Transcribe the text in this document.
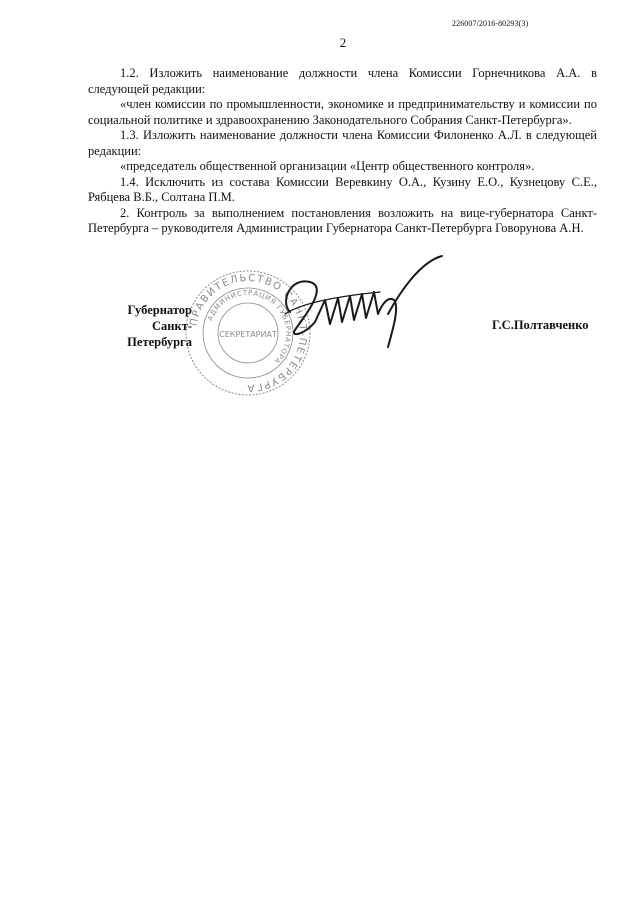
226007/2016-80293(3)
2

1.2. Изложить наименование должности члена Комиссии Горнечникова А.А. в следующей редакции:

«член комиссии по промышленности, экономике и предпринимательству и комиссии по социальной политике и здравоохранению Законодательного Собрания Санкт-Петербурга».

1.3. Изложить наименование должности члена Комиссии Филоненко А.Л. в следующей редакции:

«председатель общественной организации «Центр общественного контроля».

1.4. Исключить из состава Комиссии Веревкину О.А., Кузину Е.О., Кузнецову С.Е., Рябцева В.Б., Солтана П.М.

2. Контроль за выполнением постановления возложить на вице-губернатора Санкт-Петербурга – руководителя Администрации Губернатора Санкт-Петербурга Говорунова А.Н.

ПРАВИТЕЛЬСТВО САНКТ-ПЕТЕРБУРГА
АДМИНИСТРАЦИЯ ГУБЕРНАТОРА
СЕКРЕТАРИАТ
Губернатор
Санкт-Петербурга
Г.С.Полтавченко
